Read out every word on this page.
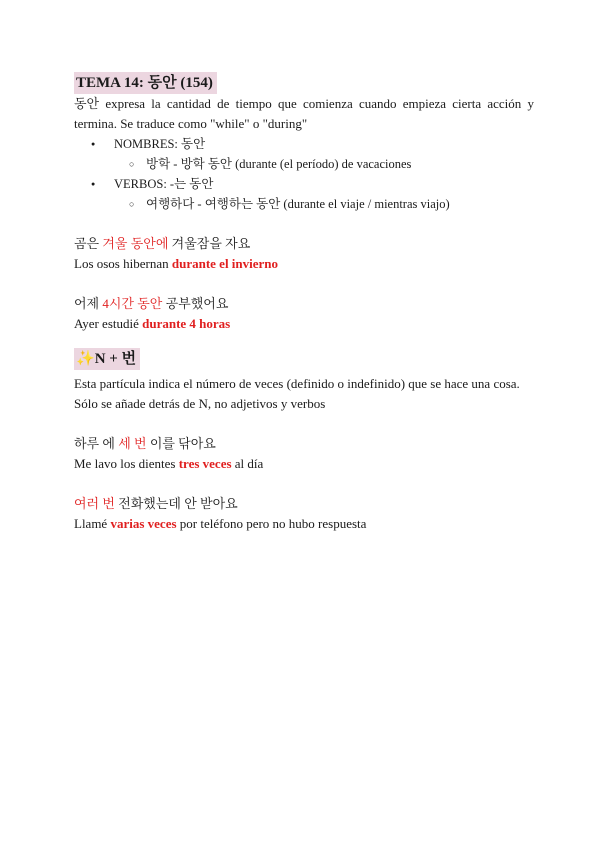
TEMA 14: 동안 (154)
동안 expresa la cantidad de tiempo que comienza cuando empieza cierta acción y termina. Se traduce como "while" o "during"
● NOMBRES: 동안
○ 방학 - 방학 동안 (durante (el período) de vacaciones
● VERBOS: -는 동안
○ 여행하다 - 여행하는 동안 (durante el viaje / mientras viajo)
곰은 겨울 동안에 겨울잠을 자요
Los osos hibernan durante el invierno
어제 4시간 동안 공부했어요
Ayer estudié durante 4 horas
✨N + 번
Esta partícula indica el número de veces (definido o indefinido) que se hace una cosa.
Sólo se añade detrás de N, no adjetivos y verbos
하루 에 세 번 이를 닦아요
Me lavo los dientes tres veces al día
여러 번 전화했는데 안 받아요
Llamé varias veces por teléfono pero no hubo respuesta
